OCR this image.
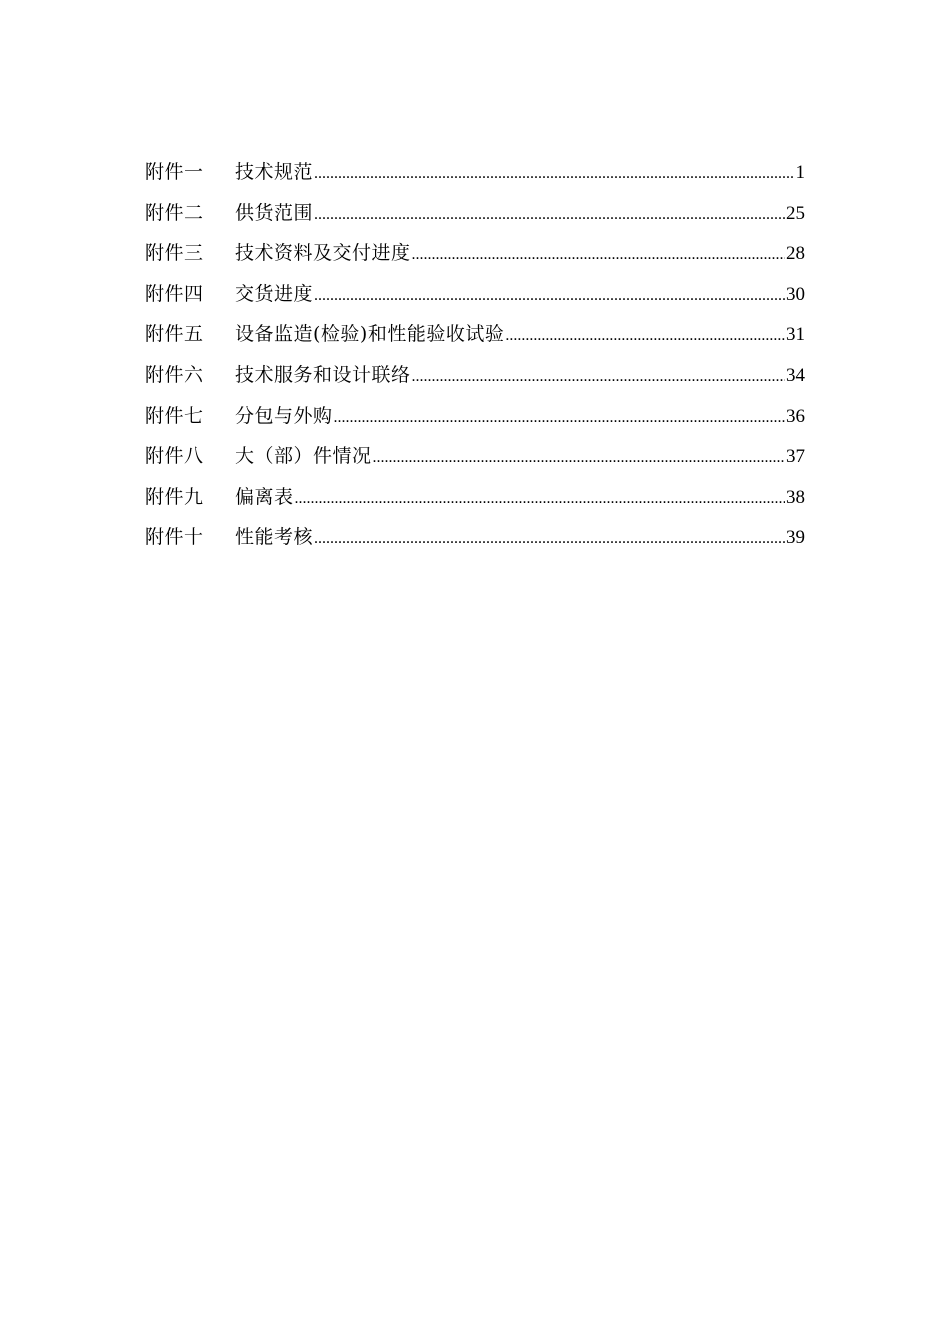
附件一	技术规范 .....	1
附件二	供货范围 .....	25
附件三	技术资料及交付进度 .....	28
附件四	交货进度 .....	30
附件五	设备监造(检验)和性能验收试验 .....	31
附件六	技术服务和设计联络 .....	34
附件七	分包与外购 .....	36
附件八	大（部）件情况 .....	37
附件九	偏离表 .....	38
附件十	性能考核 .....	39
